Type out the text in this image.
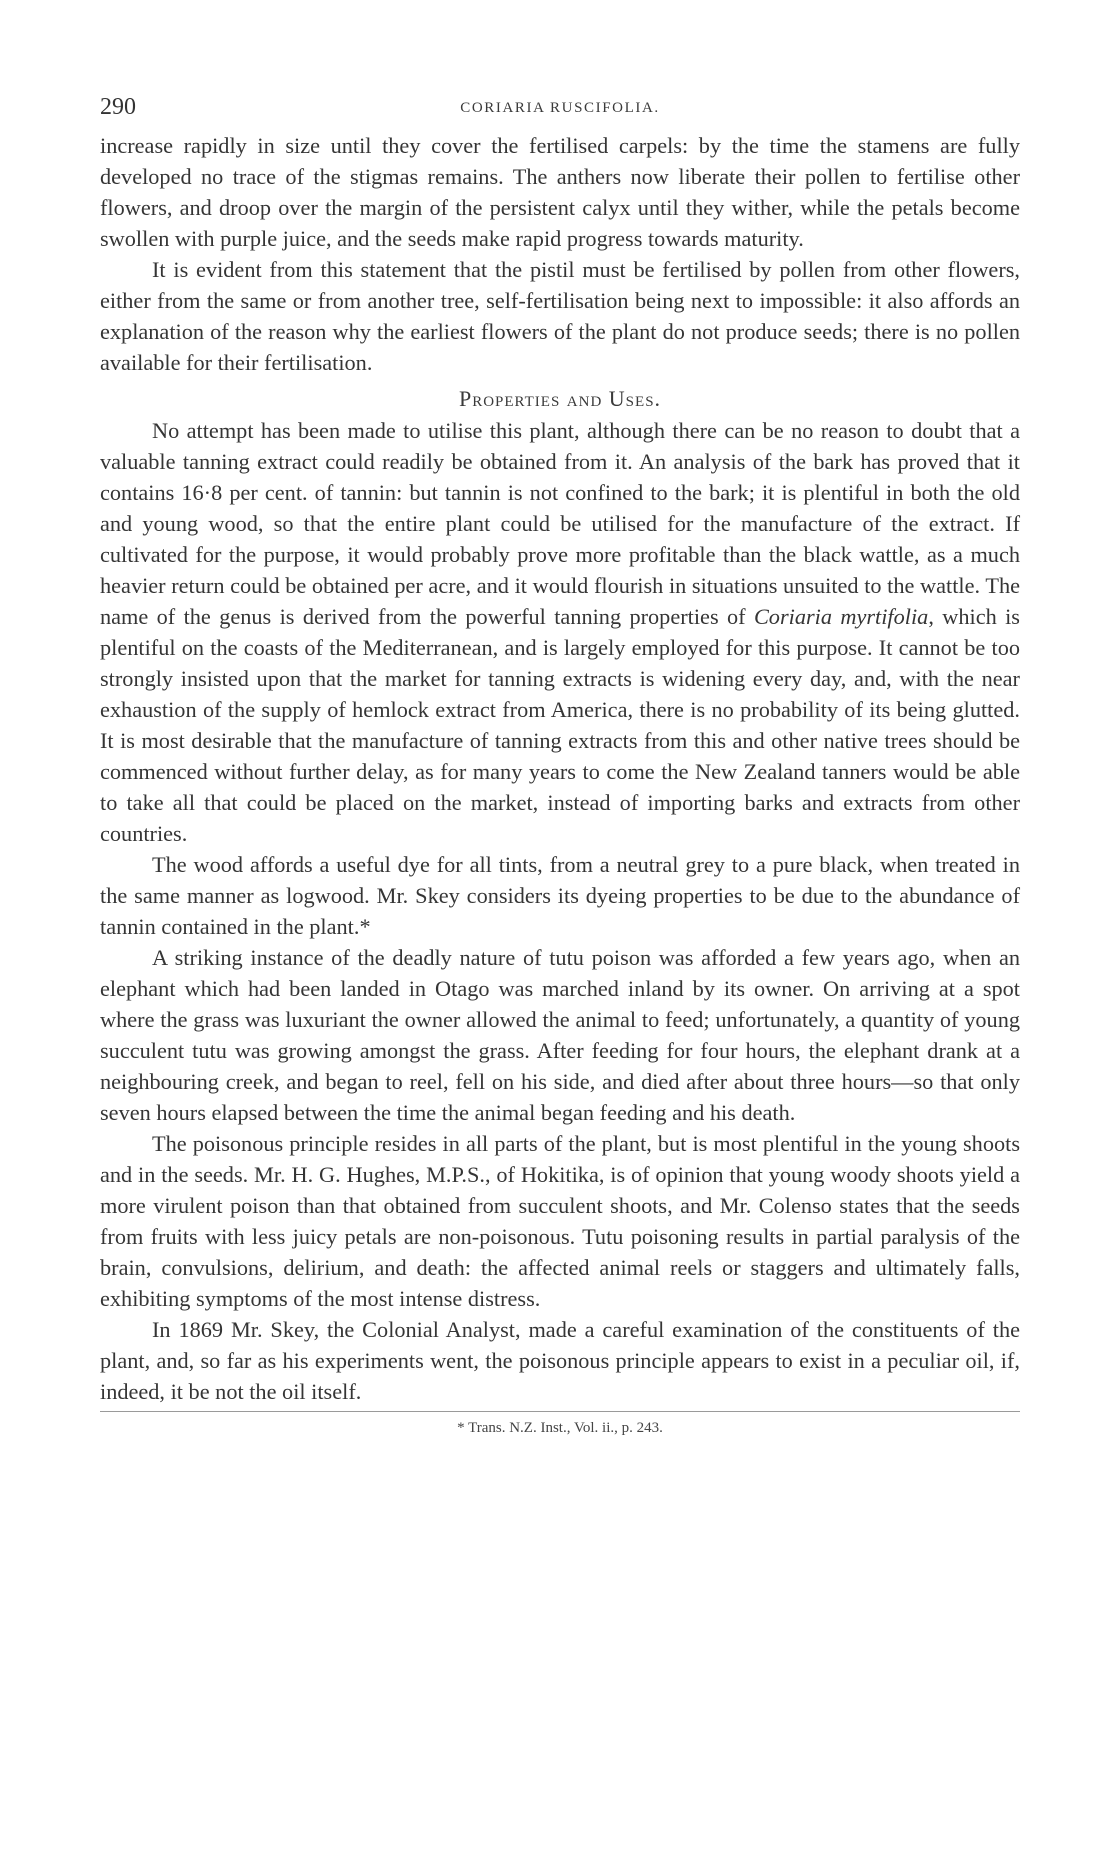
290	CORIARIA RUSCIFOLIA.

increase rapidly in size until they cover the fertilised carpels: by the time the stamens are fully developed no trace of the stigmas remains. The anthers now liberate their pollen to fertilise other flowers, and droop over the margin of the persistent calyx until they wither, while the petals become swollen with purple juice, and the seeds make rapid progress towards maturity.

It is evident from this statement that the pistil must be fertilised by pollen from other flowers, either from the same or from another tree, self-fertilisation being next to impossible: it also affords an explanation of the reason why the earliest flowers of the plant do not produce seeds; there is no pollen available for their fertilisation.

Properties and Uses.

No attempt has been made to utilise this plant, although there can be no reason to doubt that a valuable tanning extract could readily be obtained from it. An analysis of the bark has proved that it contains 16·8 per cent. of tannin: but tannin is not confined to the bark; it is plentiful in both the old and young wood, so that the entire plant could be utilised for the manufacture of the extract. If cultivated for the purpose, it would probably prove more profitable than the black wattle, as a much heavier return could be obtained per acre, and it would flourish in situations unsuited to the wattle. The name of the genus is derived from the powerful tanning properties of Coriaria myrtifolia, which is plentiful on the coasts of the Mediterranean, and is largely employed for this purpose. It cannot be too strongly insisted upon that the market for tanning extracts is widening every day, and, with the near exhaustion of the supply of hemlock extract from America, there is no probability of its being glutted. It is most desirable that the manufacture of tanning extracts from this and other native trees should be commenced without further delay, as for many years to come the New Zealand tanners would be able to take all that could be placed on the market, instead of importing barks and extracts from other countries.

The wood affords a useful dye for all tints, from a neutral grey to a pure black, when treated in the same manner as logwood. Mr. Skey considers its dyeing properties to be due to the abundance of tannin contained in the plant.*

A striking instance of the deadly nature of tutu poison was afforded a few years ago, when an elephant which had been landed in Otago was marched inland by its owner. On arriving at a spot where the grass was luxuriant the owner allowed the animal to feed; unfortunately, a quantity of young succulent tutu was growing amongst the grass. After feeding for four hours, the elephant drank at a neighbouring creek, and began to reel, fell on his side, and died after about three hours—so that only seven hours elapsed between the time the animal began feeding and his death.

The poisonous principle resides in all parts of the plant, but is most plentiful in the young shoots and in the seeds. Mr. H. G. Hughes, M.P.S., of Hokitika, is of opinion that young woody shoots yield a more virulent poison than that obtained from succulent shoots, and Mr. Colenso states that the seeds from fruits with less juicy petals are non-poisonous. Tutu poisoning results in partial paralysis of the brain, convulsions, delirium, and death: the affected animal reels or staggers and ultimately falls, exhibiting symptoms of the most intense distress.

In 1869 Mr. Skey, the Colonial Analyst, made a careful examination of the constituents of the plant, and, so far as his experiments went, the poisonous principle appears to exist in a peculiar oil, if, indeed, it be not the oil itself.

* Trans. N.Z. Inst., Vol. ii., p. 243.
